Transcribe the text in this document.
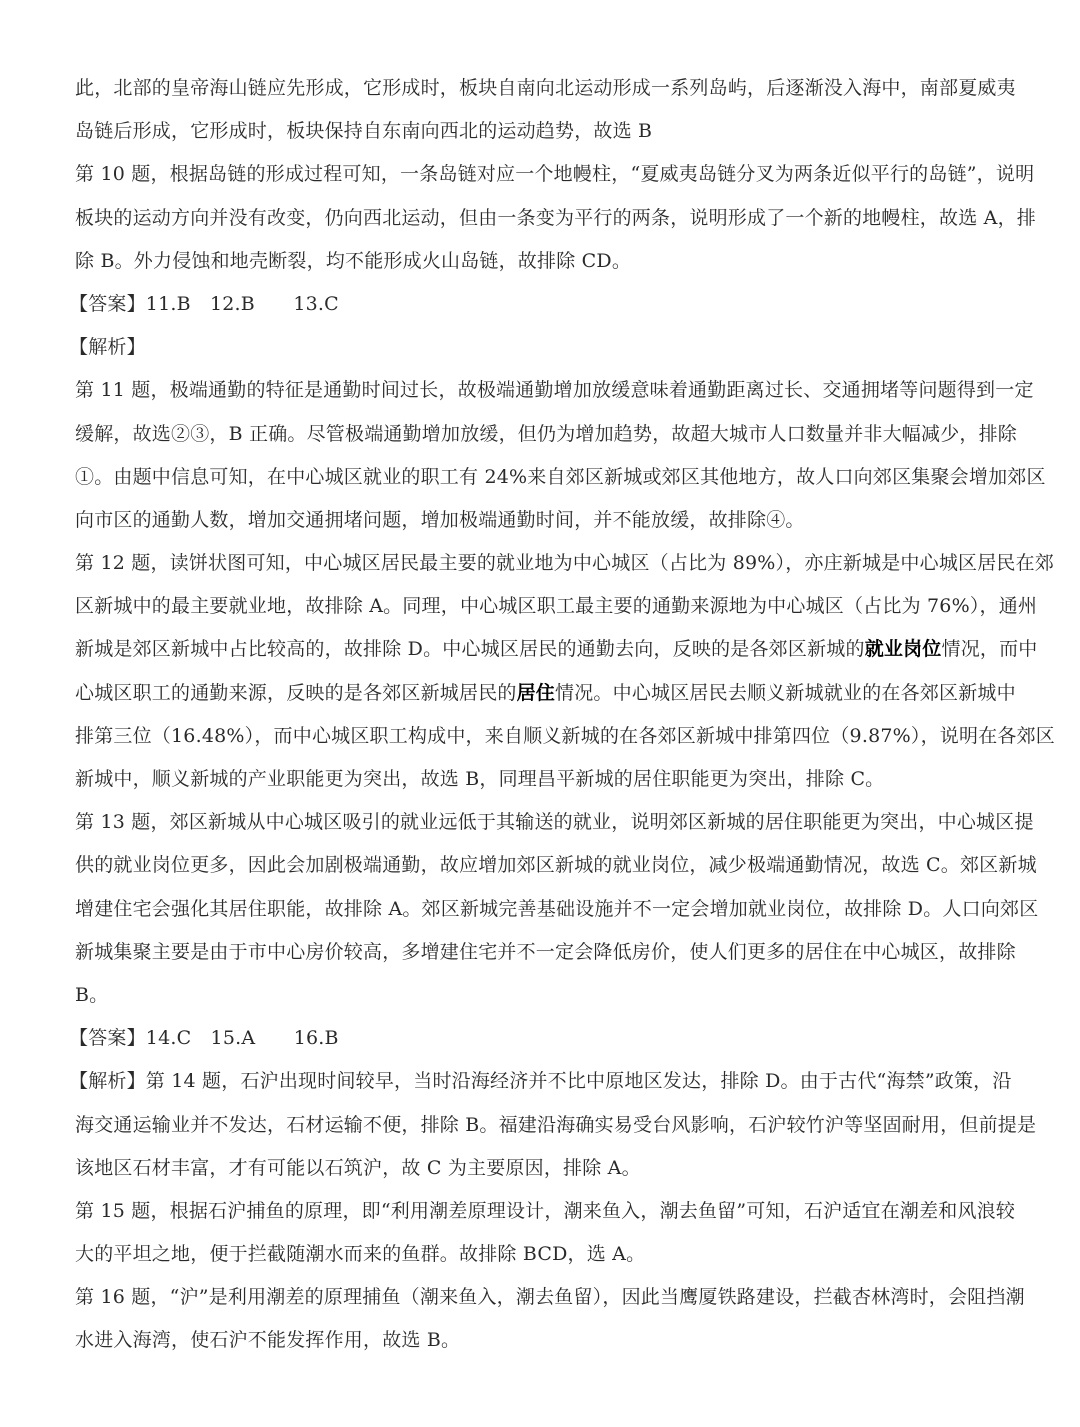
此，北部的皇帝海山链应先形成，它形成时，板块自南向北运动形成一系列岛屿，后逐渐没入海中，南部夏威夷
岛链后形成，它形成时，板块保持自东南向西北的运动趋势，故选 B
第 10 题，根据岛链的形成过程可知，一条岛链对应一个地幔柱，“夏威夷岛链分叉为两条近似平行的岛链”，说明
板块的运动方向并没有改变，仍向西北运动，但由一条变为平行的两条，说明形成了一个新的地幔柱，故选 A，排
除 B。外力侵蚀和地壳断裂，均不能形成火山岛链，故排除 CD。
【答案】11.B　12.B　　13.C
【解析】
第 11 题，极端通勤的特征是通勤时间过长，故极端通勤增加放缓意味着通勤距离过长、交通拥堵等问题得到一定
缓解，故选②③，B 正确。尽管极端通勤增加放缓，但仍为增加趋势，故超大城市人口数量并非大幅减少，排除
①。由题中信息可知，在中心城区就业的职工有 24%来自郊区新城或郊区其他地方，故人口向郊区集聚会增加郊区
向市区的通勤人数，增加交通拥堵问题，增加极端通勤时间，并不能放缓，故排除④。
第 12 题，读饼状图可知，中心城区居民最主要的就业地为中心城区（占比为 89%），亦庄新城是中心城区居民在郊
区新城中的最主要就业地，故排除 A。同理，中心城区职工最主要的通勤来源地为中心城区（占比为 76%），通州
新城是郊区新城中占比较高的，故排除 D。中心城区居民的通勤去向，反映的是各郊区新城的就业岗位情况，而中
心城区职工的通勤来源，反映的是各郊区新城居民的居住情况。中心城区居民去顺义新城就业的在各郊区新城中
排第三位（16.48%），而中心城区职工构成中，来自顺义新城的在各郊区新城中排第四位（9.87%），说明在各郊区
新城中，顺义新城的产业职能更为突出，故选 B，同理昌平新城的居住职能更为突出，排除 C。
第 13 题，郊区新城从中心城区吸引的就业远低于其输送的就业，说明郊区新城的居住职能更为突出，中心城区提
供的就业岗位更多，因此会加剧极端通勤，故应增加郊区新城的就业岗位，减少极端通勤情况，故选 C。郊区新城
增建住宅会强化其居住职能，故排除 A。郊区新城完善基础设施并不一定会增加就业岗位，故排除 D。人口向郊区
新城集聚主要是由于市中心房价较高，多增建住宅并不一定会降低房价，使人们更多的居住在中心城区，故排除
B。
【答案】14.C　15.A　　16.B
【解析】第 14 题，石沪出现时间较早，当时沿海经济并不比中原地区发达，排除 D。由于古代“海禁”政策，沿
海交通运输业并不发达，石材运输不便，排除 B。福建沿海确实易受台风影响，石沪较竹沪等坚固耐用，但前提是
该地区石材丰富，才有可能以石筑沪，故 C 为主要原因，排除 A。
第 15 题，根据石沪捕鱼的原理，即“利用潮差原理设计，潮来鱼入，潮去鱼留”可知，石沪适宜在潮差和风浪较
大的平坦之地，便于拦截随潮水而来的鱼群。故排除 BCD，选 A。
第 16 题，“沪”是利用潮差的原理捕鱼（潮来鱼入，潮去鱼留），因此当鹰厦铁路建设，拦截杏林湾时，会阻挡潮
水进入海湾，使石沪不能发挥作用，故选 B。
